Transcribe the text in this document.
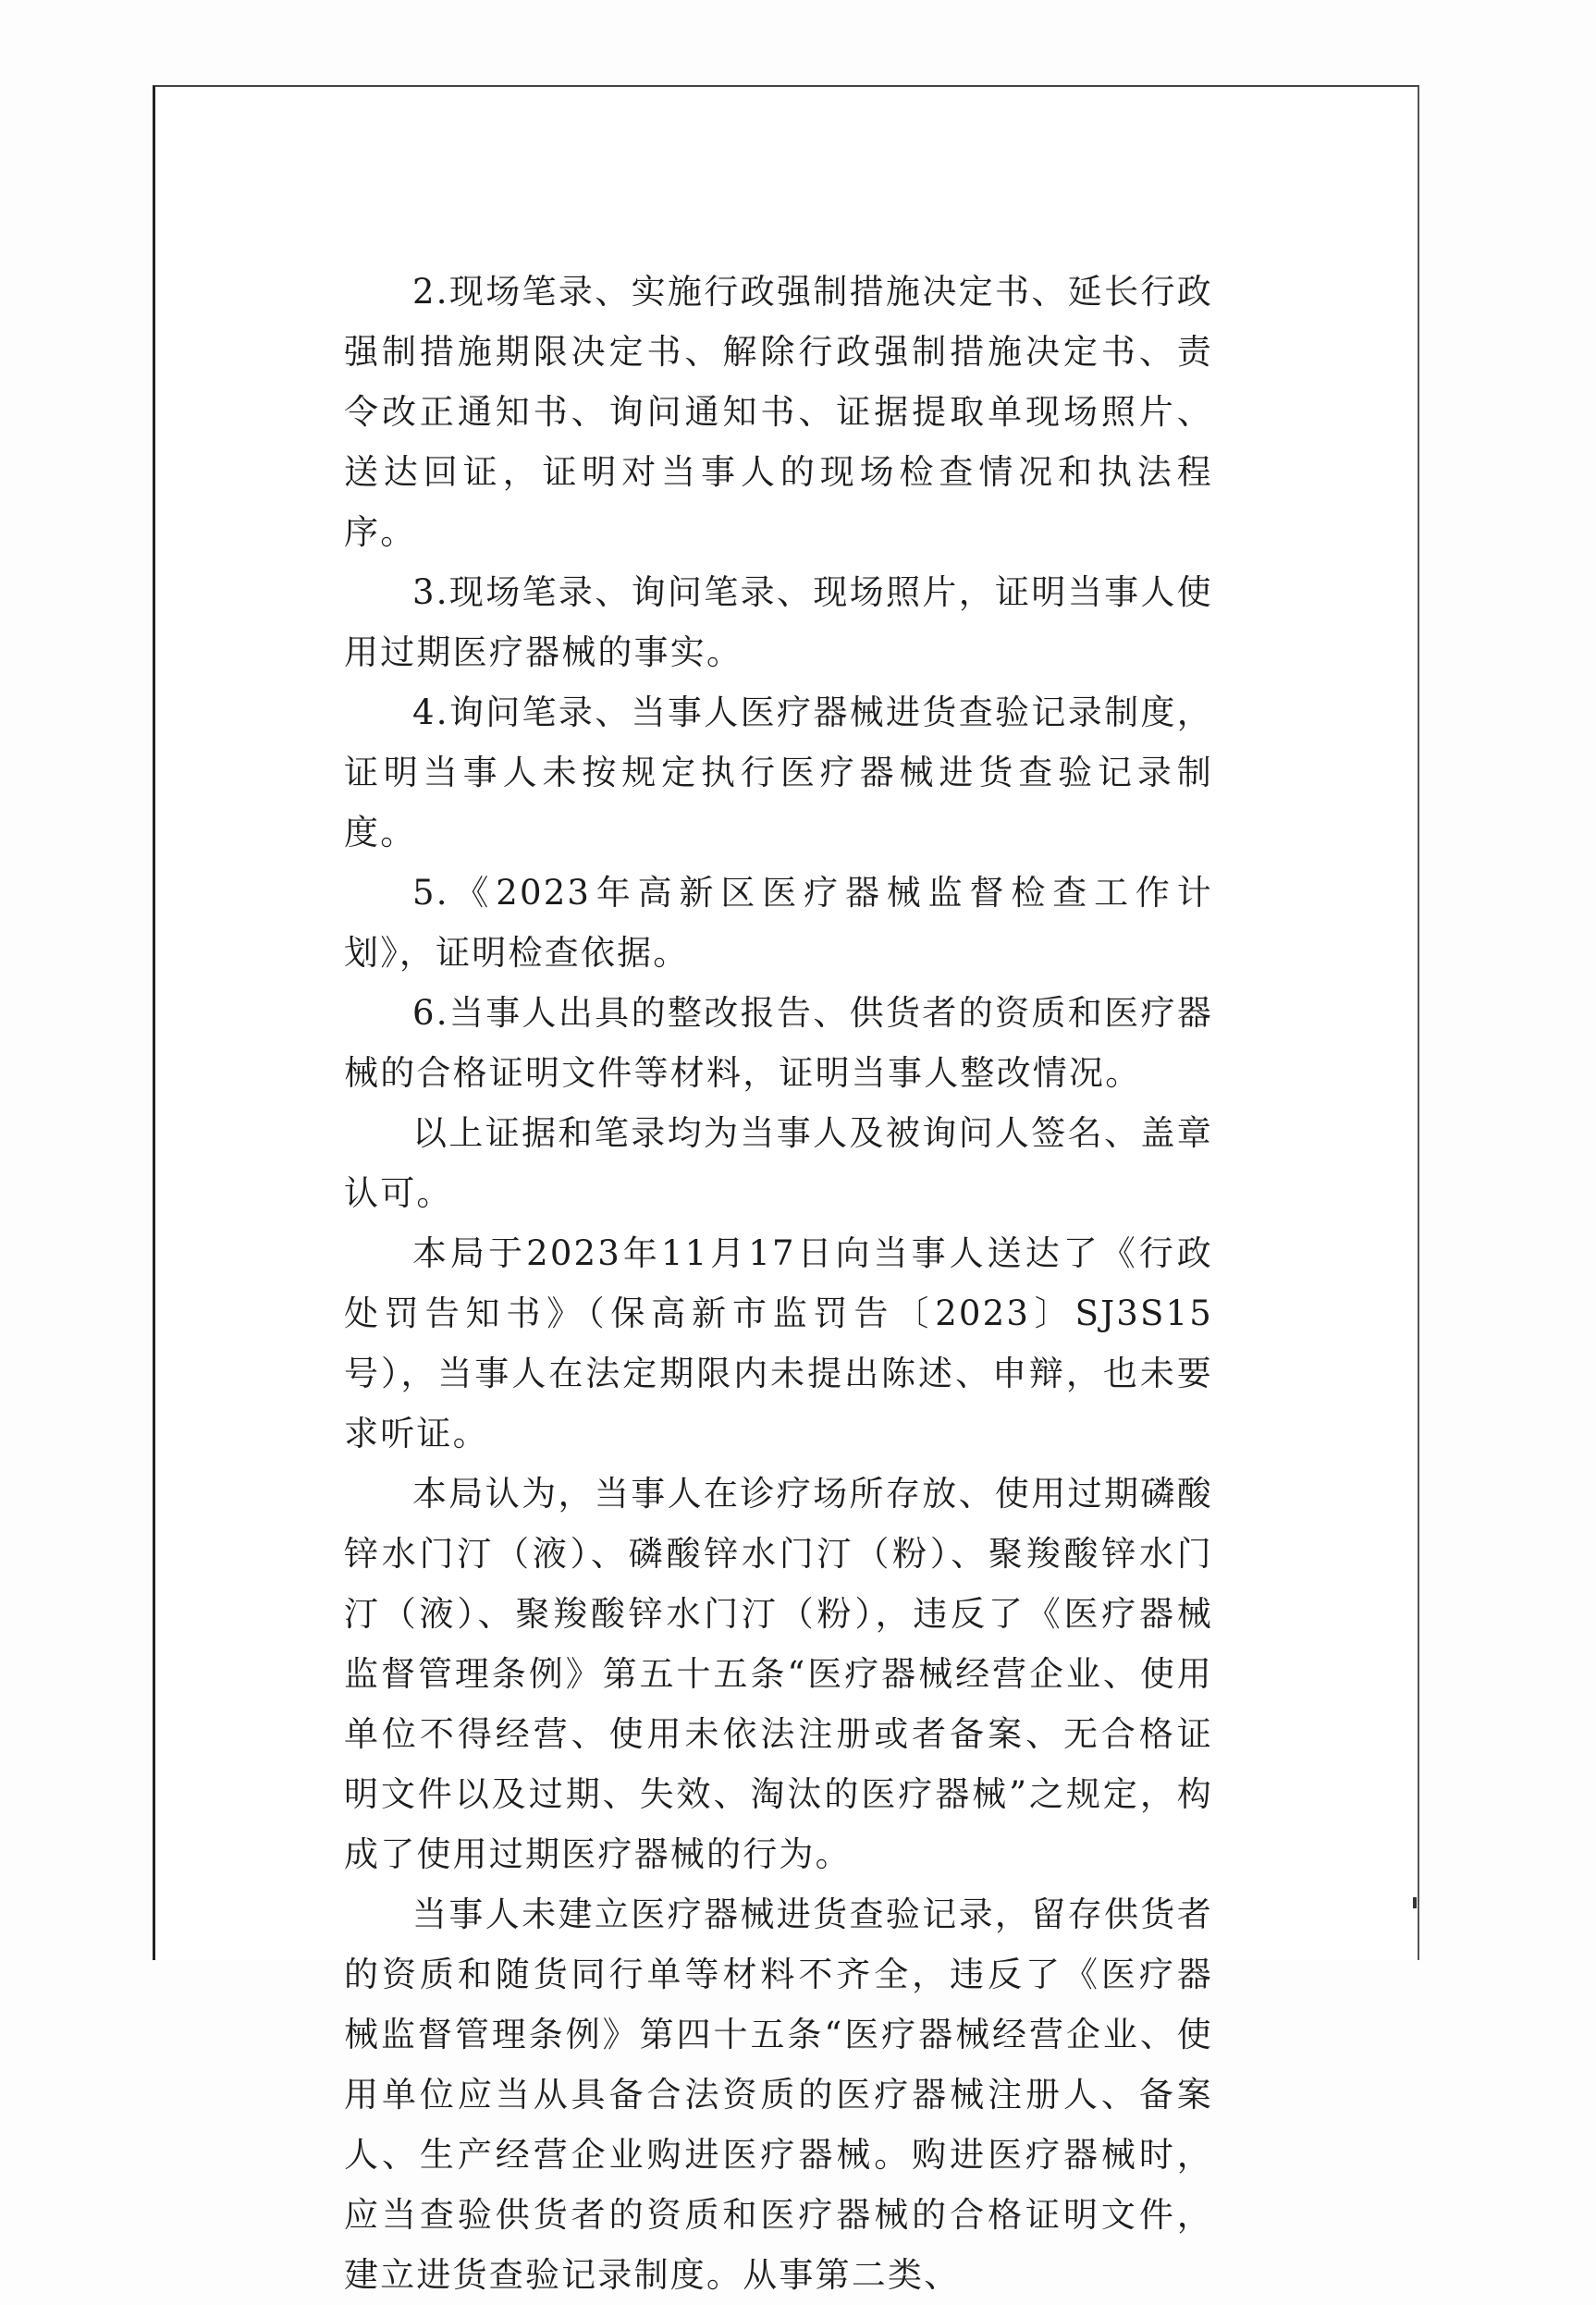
2.现场笔录、实施行政强制措施决定书、延长行政强制措施期限决定书、解除行政强制措施决定书、责令改正通知书、询问通知书、证据提取单现场照片、送达回证，证明对当事人的现场检查情况和执法程序。

3.现场笔录、询问笔录、现场照片，证明当事人使用过期医疗器械的事实。

4.询问笔录、当事人医疗器械进货查验记录制度，证明当事人未按规定执行医疗器械进货查验记录制度。

5.《2023年高新区医疗器械监督检查工作计划》，证明检查依据。

6.当事人出具的整改报告、供货者的资质和医疗器械的合格证明文件等材料，证明当事人整改情况。

以上证据和笔录均为当事人及被询问人签名、盖章认可。

本局于2023年11月17日向当事人送达了《行政处罚告知书》（保高新市监罚告〔2023〕SJ3S15号），当事人在法定期限内未提出陈述、申辩，也未要求听证。

本局认为，当事人在诊疗场所存放、使用过期磷酸锌水门汀（液）、磷酸锌水门汀（粉）、聚羧酸锌水门汀（液）、聚羧酸锌水门汀（粉），违反了《医疗器械监督管理条例》第五十五条“医疗器械经营企业、使用单位不得经营、使用未依法注册或者备案、无合格证明文件以及过期、失效、淘汰的医疗器械”之规定，构成了使用过期医疗器械的行为。

当事人未建立医疗器械进货查验记录，留存供货者的资质和随货同行单等材料不齐全，违反了《医疗器械监督管理条例》第四十五条“医疗器械经营企业、使用单位应当从具备合法资质的医疗器械注册人、备案人、生产经营企业购进医疗器械。购进医疗器械时，应当查验供货者的资质和医疗器械的合格证明文件，建立进货查验记录制度。从事第二类、
